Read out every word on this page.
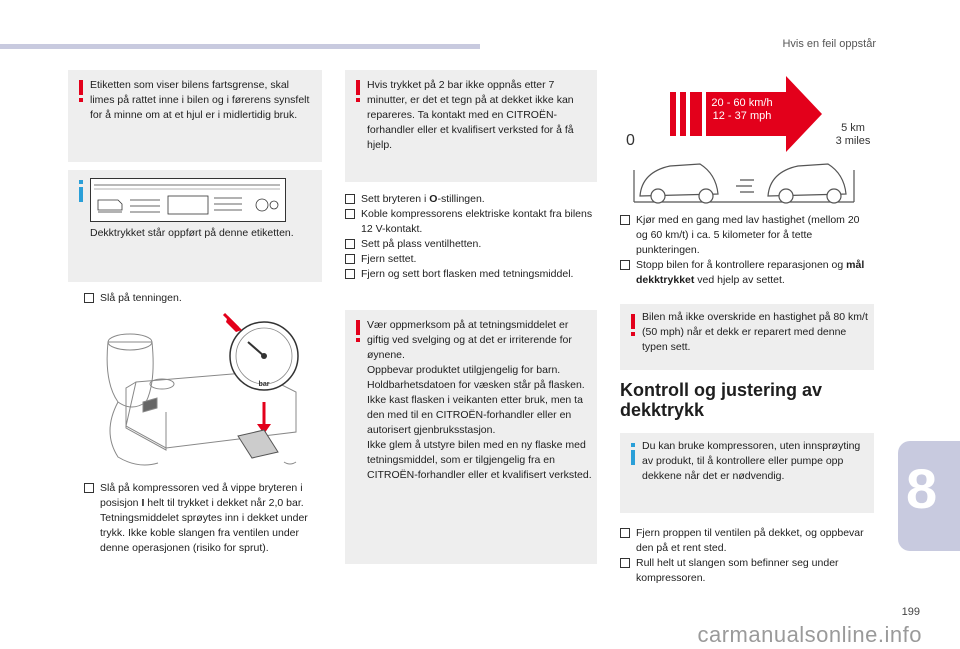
Hvis en feil oppstår

Etiketten som viser bilens fartsgrense, skal limes på rattet inne i bilen og i førerens synsfelt for å minne om at et hjul er i midlertidig bruk.

Dekktrykket står oppført på denne etiketten.

Slå på tenningen.
bar
Slå på kompressoren ved å vippe bryteren i posisjon I helt til trykket i dekket når 2,0 bar. Tetningsmiddelet sprøytes inn i dekket under trykk. Ikke koble slangen fra ventilen under denne operasjonen (risiko for sprut).

Hvis trykket på 2 bar ikke oppnås etter 7 minutter, er det et tegn på at dekket ikke kan repareres. Ta kontakt med en CITROËN-forhandler eller et kvalifisert verksted for å få hjelp.

Sett bryteren i O-stillingen.
Koble kompressorens elektriske kontakt fra bilens 12 V-kontakt.
Sett på plass ventilhetten.
Fjern settet.
Fjern og sett bort flasken med tetningsmiddel.

Vær oppmerksom på at tetningsmiddelet er giftig ved svelging og at det er irriterende for øynene.
Oppbevar produktet utilgjengelig for barn. Holdbarhetsdatoen for væsken står på flasken.
Ikke kast flasken i veikanten etter bruk, men ta den med til en CITROËN-forhandler eller en autorisert gjenbruksstasjon.
Ikke glem å utstyre bilen med en ny flaske med tetningsmiddel, som er tilgjengelig fra en CITROËN-forhandler eller et kvalifisert verksted.

20 - 60 km/h
12 - 37 mph
0
5 km
3 miles
Kjør med en gang med lav hastighet (mellom 20 og 60 km/t) i ca. 5 kilometer for å tette punkteringen.
Stopp bilen for å kontrollere reparasjonen og mål dekktrykket ved hjelp av settet.

Bilen må ikke overskride en hastighet på 80 km/t (50 mph) når et dekk er reparert med denne typen sett.

Kontroll og justering av dekktrykk

Du kan bruke kompressoren, uten innsprøyting av produkt, til å kontrollere eller pumpe opp dekkene når det er nødvendig.

Fjern proppen til ventilen på dekket, og oppbevar den på et rent sted.
Rull helt ut slangen som befinner seg under kompressoren.
8
199
carmanualsonline.info
